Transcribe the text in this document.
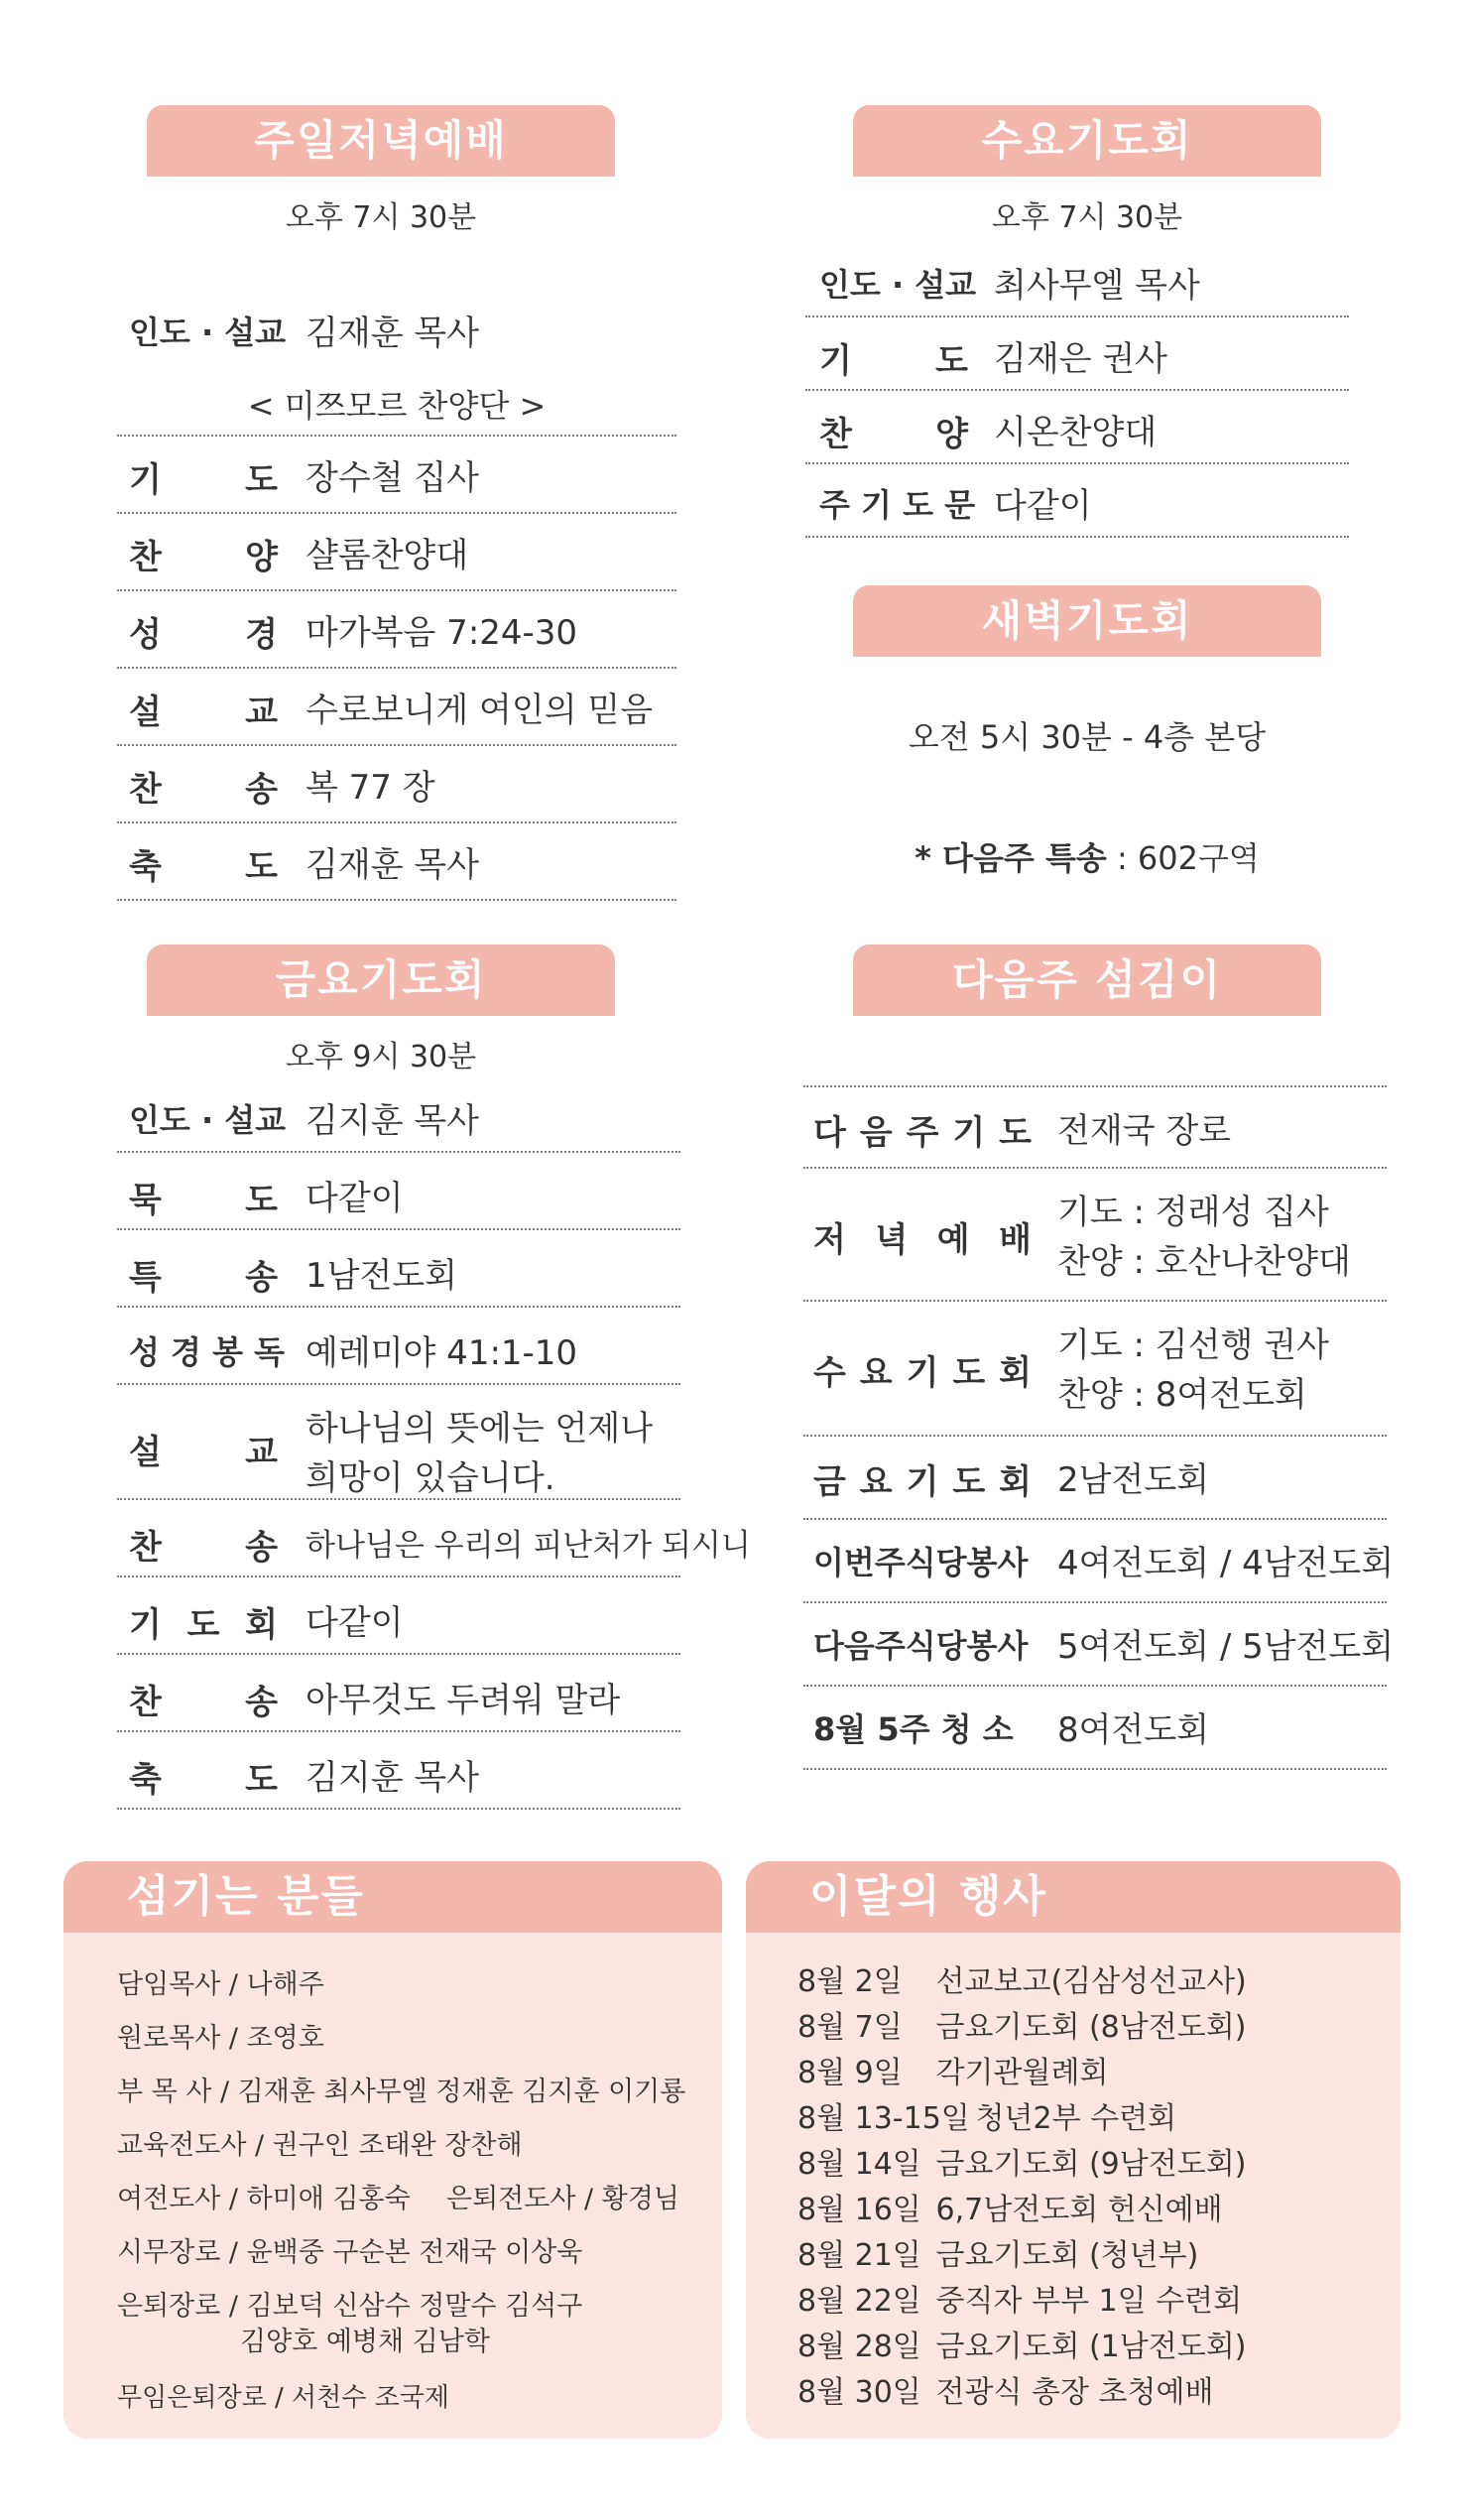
주일저녁예배
오후 7시 30분
인도 · 설교 김재훈 목사
< 미쯔모르 찬양단 >
기 도 장수철 집사
찬 양 샬롬찬양대
성 경 마가복음 7:24-30
설 교 수로보니게 여인의 믿음
찬 송 복 77 장
축 도 김재훈 목사
금요기도회
오후 9시 30분
인도 · 설교 김지훈 목사
묵 도 다같이
특 송 1남전도회
성 경 봉 독 예레미야 41:1-10
설 교
하나님의 뜻에는 언제나
희망이 있습니다.
찬 송 하나님은 우리의 피난처가 되시니
기 도 회 다같이
찬 송 아무것도 두려워 말라
축 도 김지훈 목사
수요기도회
오후 7시 30분
인도 · 설교 최사무엘 목사
기 도 김재은 권사
찬 양 시온찬양대
주 기 도 문 다같이
새벽기도회
오전 5시 30분 - 4층 본당
* 다음주 특송 : 602구역
다음주 섬김이
다 음 주 기 도 전재국 장로
저 녁 예 배
기도 : 정래성 집사
찬양 : 호산나찬양대
수 요 기 도 회
기도 : 김선행 권사
찬양 : 8여전도회
금 요 기 도 회 2남전도회
이번주식당봉사 4여전도회 / 4남전도회
다음주식당봉사 5여전도회 / 5남전도회
8월 5주 청 소 8여전도회
섬기는 분들
담임목사 / 나해주
원로목사 / 조영호
부 목 사 / 김재훈 최사무엘 정재훈 김지훈 이기룡
교육전도사 / 권구인 조태완 장찬해
여전도사 / 하미애 김홍숙 은퇴전도사 / 황경님
시무장로 / 윤백중 구순본 전재국 이상욱
은퇴장로 / 김보덕 신삼수 정말수 김석구
김양호 예병채 김남학
무임은퇴장로 / 서천수 조국제
이달의 행사
8월 2일 선교보고(김삼성선교사)
8월 7일 금요기도회 (8남전도회)
8월 9일 각기관월례회
8월 13-15일 청년2부 수련회
8월 14일 금요기도회 (9남전도회)
8월 16일 6,7남전도회 헌신예배
8월 21일 금요기도회 (청년부)
8월 22일 중직자 부부 1일 수련회
8월 28일 금요기도회 (1남전도회)
8월 30일 전광식 총장 초청예배
